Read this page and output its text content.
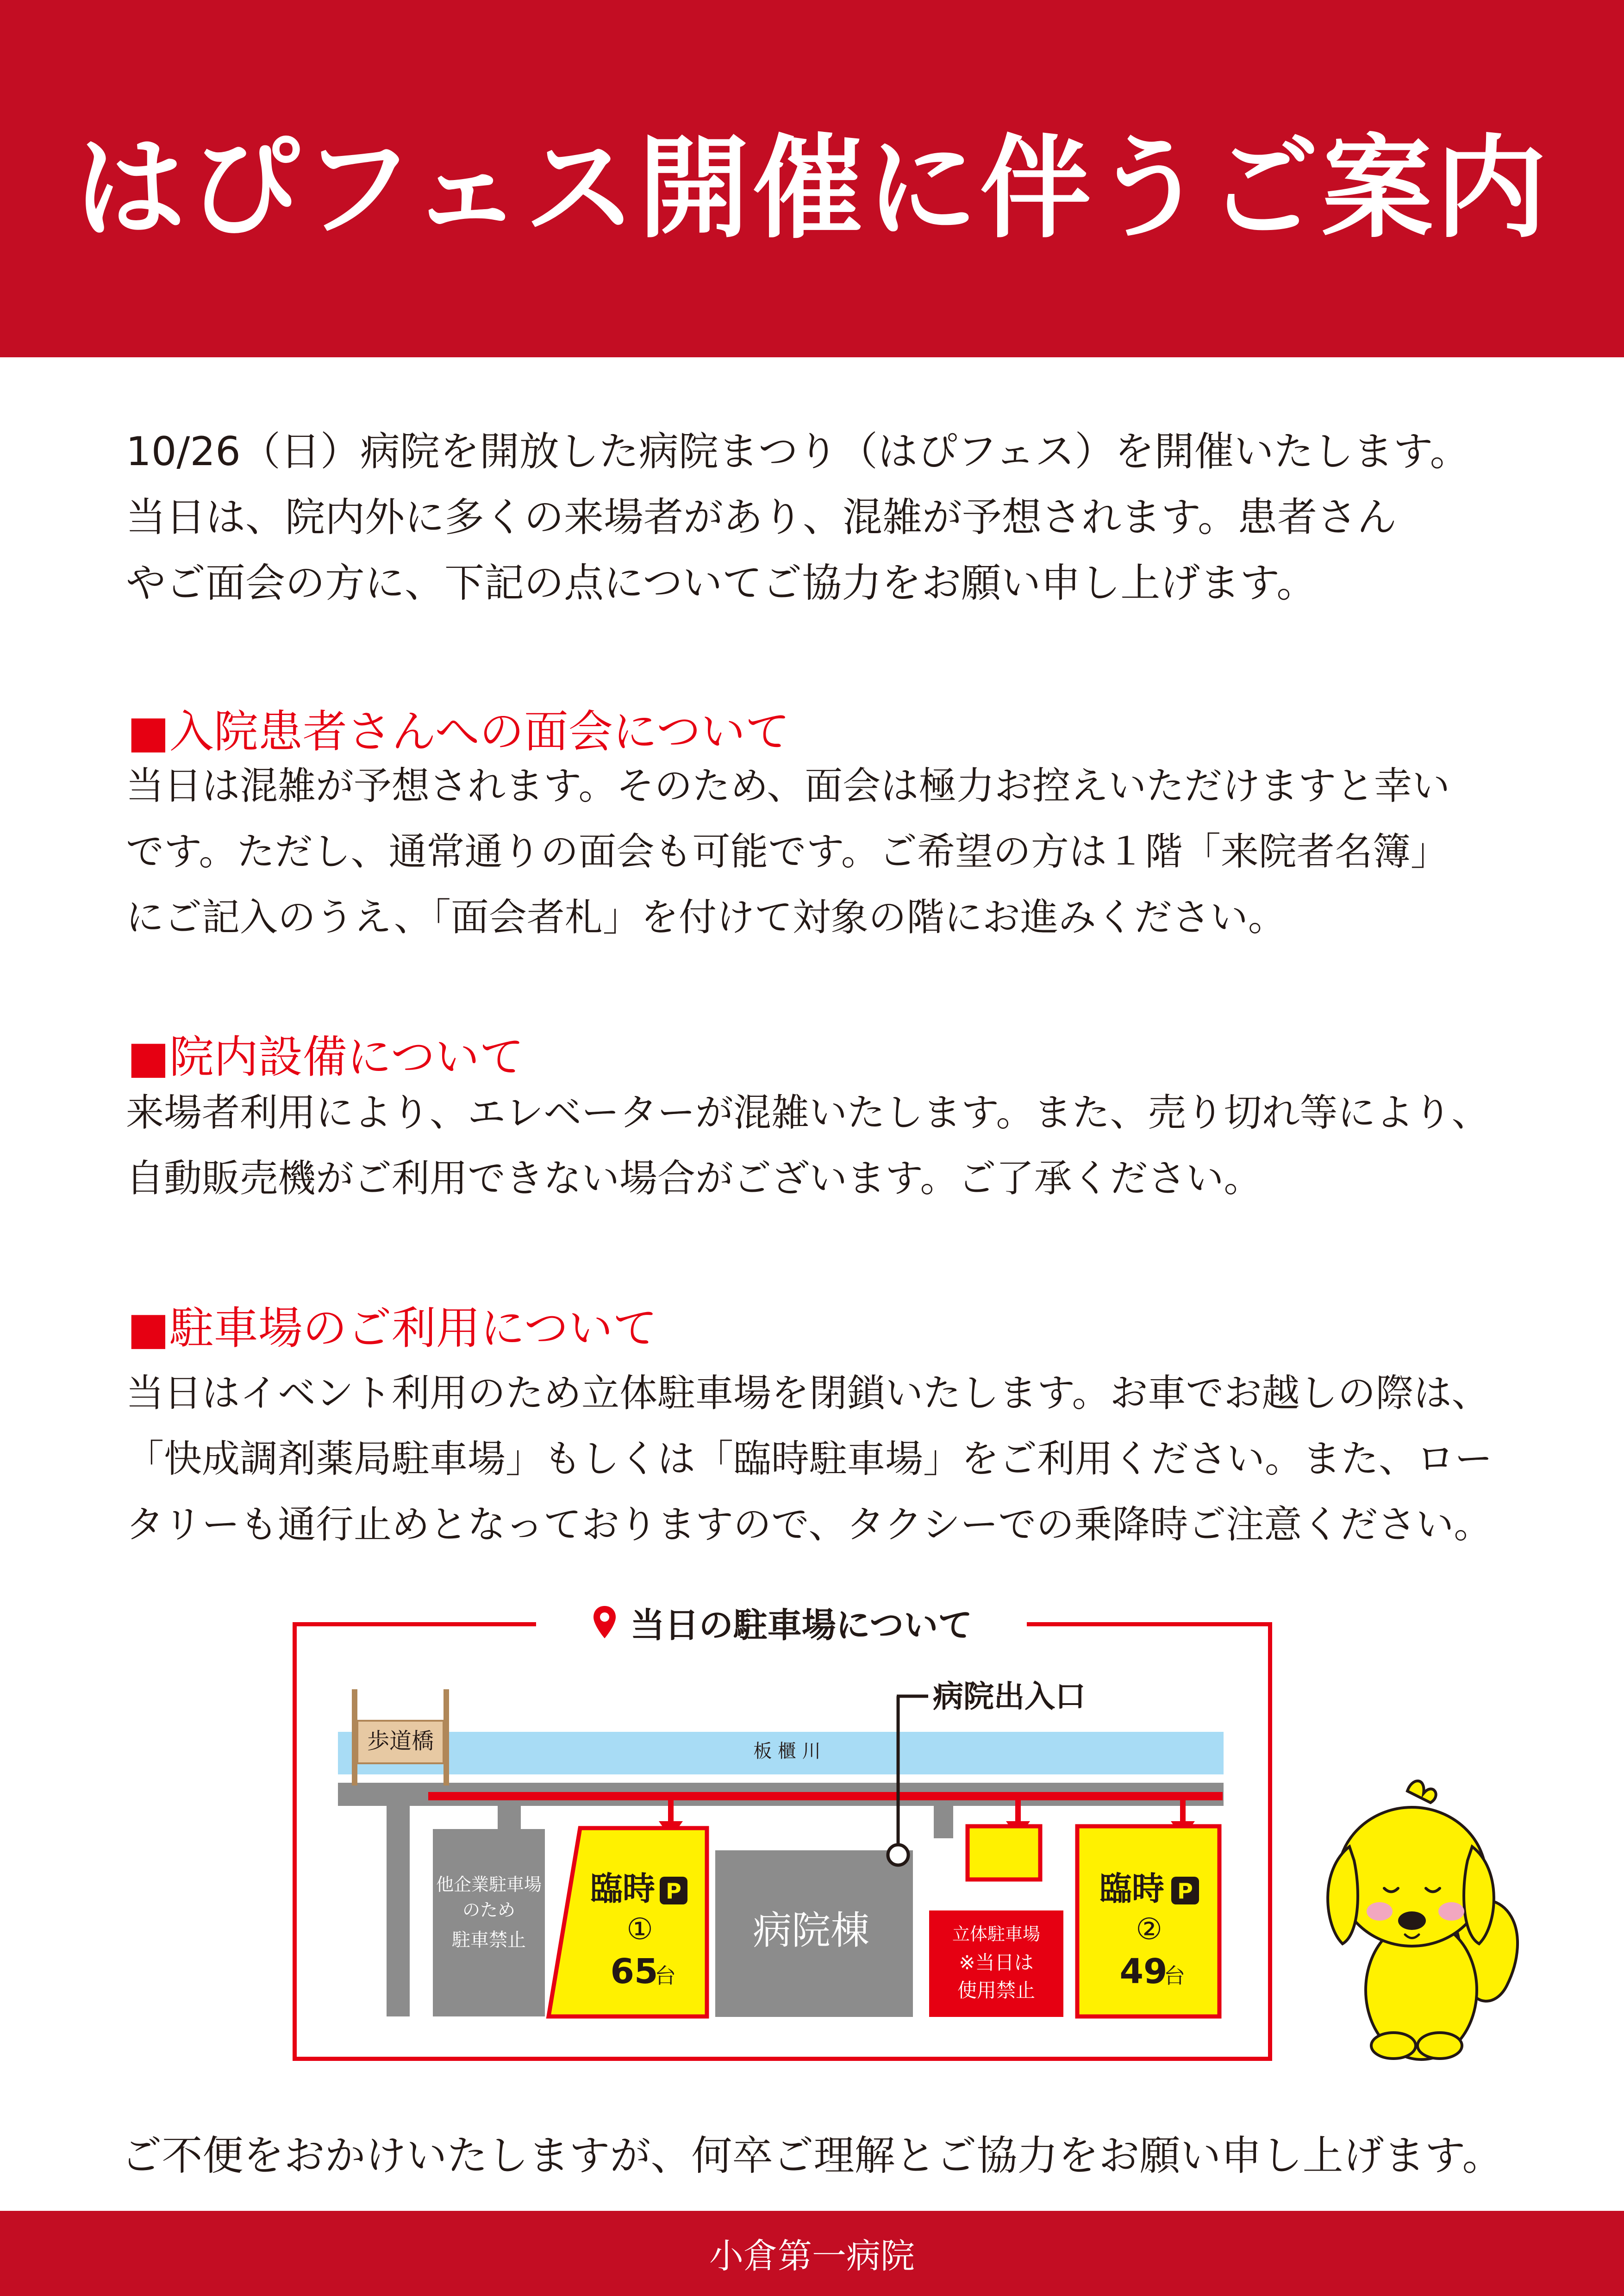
はぴフェス開催に伴うご案内

10/26（日）病院を開放した病院まつり（はぴフェス）を開催いたします。

当日は、院内外に多くの来場者があり、混雑が予想されます。患者さん

やご面会の方に、下記の点についてご協力をお願い申し上げます。

■入院患者さんへの面会について

当日は混雑が予想されます。そのため、面会は極力お控えいただけますと幸い

です。ただし、通常通りの面会も可能です。ご希望の方は１階「来院者名簿」

にご記入のうえ、「面会者札」を付けて対象の階にお進みください。

■院内設備について

来場者利用により、エレベーターが混雑いたします。また、売り切れ等により、

自動販売機がご利用できない場合がございます。ご了承ください。

■駐車場のご利用について

当日はイベント利用のため立体駐車場を閉鎖いたします。お車でお越しの際は、

「快成調剤薬局駐車場」もしくは「臨時駐車場」をご利用ください。また、ロー

タリーも通行止めとなっておりますので、タクシーでの乗降時ご注意ください。

板 櫃 川
歩道橋
他企業駐車場
のため
駐車禁止
臨時 P
①
65
台
病院棟
病院出入口
立体駐車場
※当日は
使用禁止
臨時 P
②
49
台
当日の駐車場について
ご不便をおかけいたしますが、何卒ご理解とご協力をお願い申し上げます。
小倉第一病院
